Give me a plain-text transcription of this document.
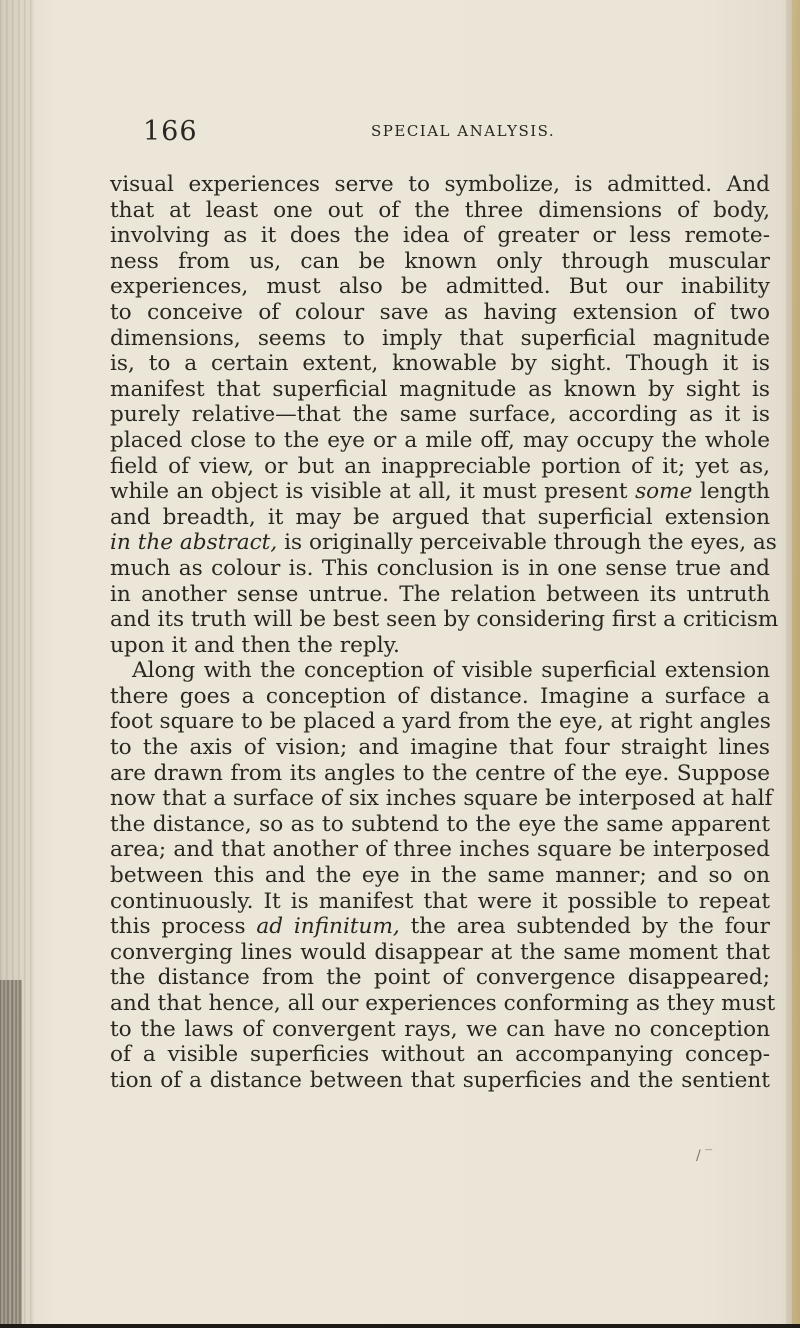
166	SPECIAL ANALYSIS.
visual experiences serve to symbolize, is admitted. And
that at least one out of the three dimensions of body,
involving as it does the idea of greater or less remote-
ness from us, can be known only through muscular
experiences, must also be admitted. But our inability
to conceive of colour save as having extension of two
dimensions, seems to imply that superficial magnitude
is, to a certain extent, knowable by sight. Though it is
manifest that superficial magnitude as known by sight is
purely relative—that the same surface, according as it is
placed close to the eye or a mile off, may occupy the whole
field of view, or but an inappreciable portion of it; yet as,
while an object is visible at all, it must present some length
and breadth, it may be argued that superficial extension
in the abstract, is originally perceivable through the eyes, as
much as colour is. This conclusion is in one sense true and
in another sense untrue. The relation between its untruth
and its truth will be best seen by considering first a criticism
upon it and then the reply.
Along with the conception of visible superficial extension
there goes a conception of distance. Imagine a surface a
foot square to be placed a yard from the eye, at right angles
to the axis of vision; and imagine that four straight lines
are drawn from its angles to the centre of the eye. Suppose
now that a surface of six inches square be interposed at half
the distance, so as to subtend to the eye the same apparent
area; and that another of three inches square be interposed
between this and the eye in the same manner; and so on
continuously. It is manifest that were it possible to repeat
this process ad infinitum, the area subtended by the four
converging lines would disappear at the same moment that
the distance from the point of convergence disappeared;
and that hence, all our experiences conforming as they must
to the laws of convergent rays, we can have no conception
of a visible superficies without an accompanying concep-
tion of a distance between that superficies and the sentient
/ ‾
